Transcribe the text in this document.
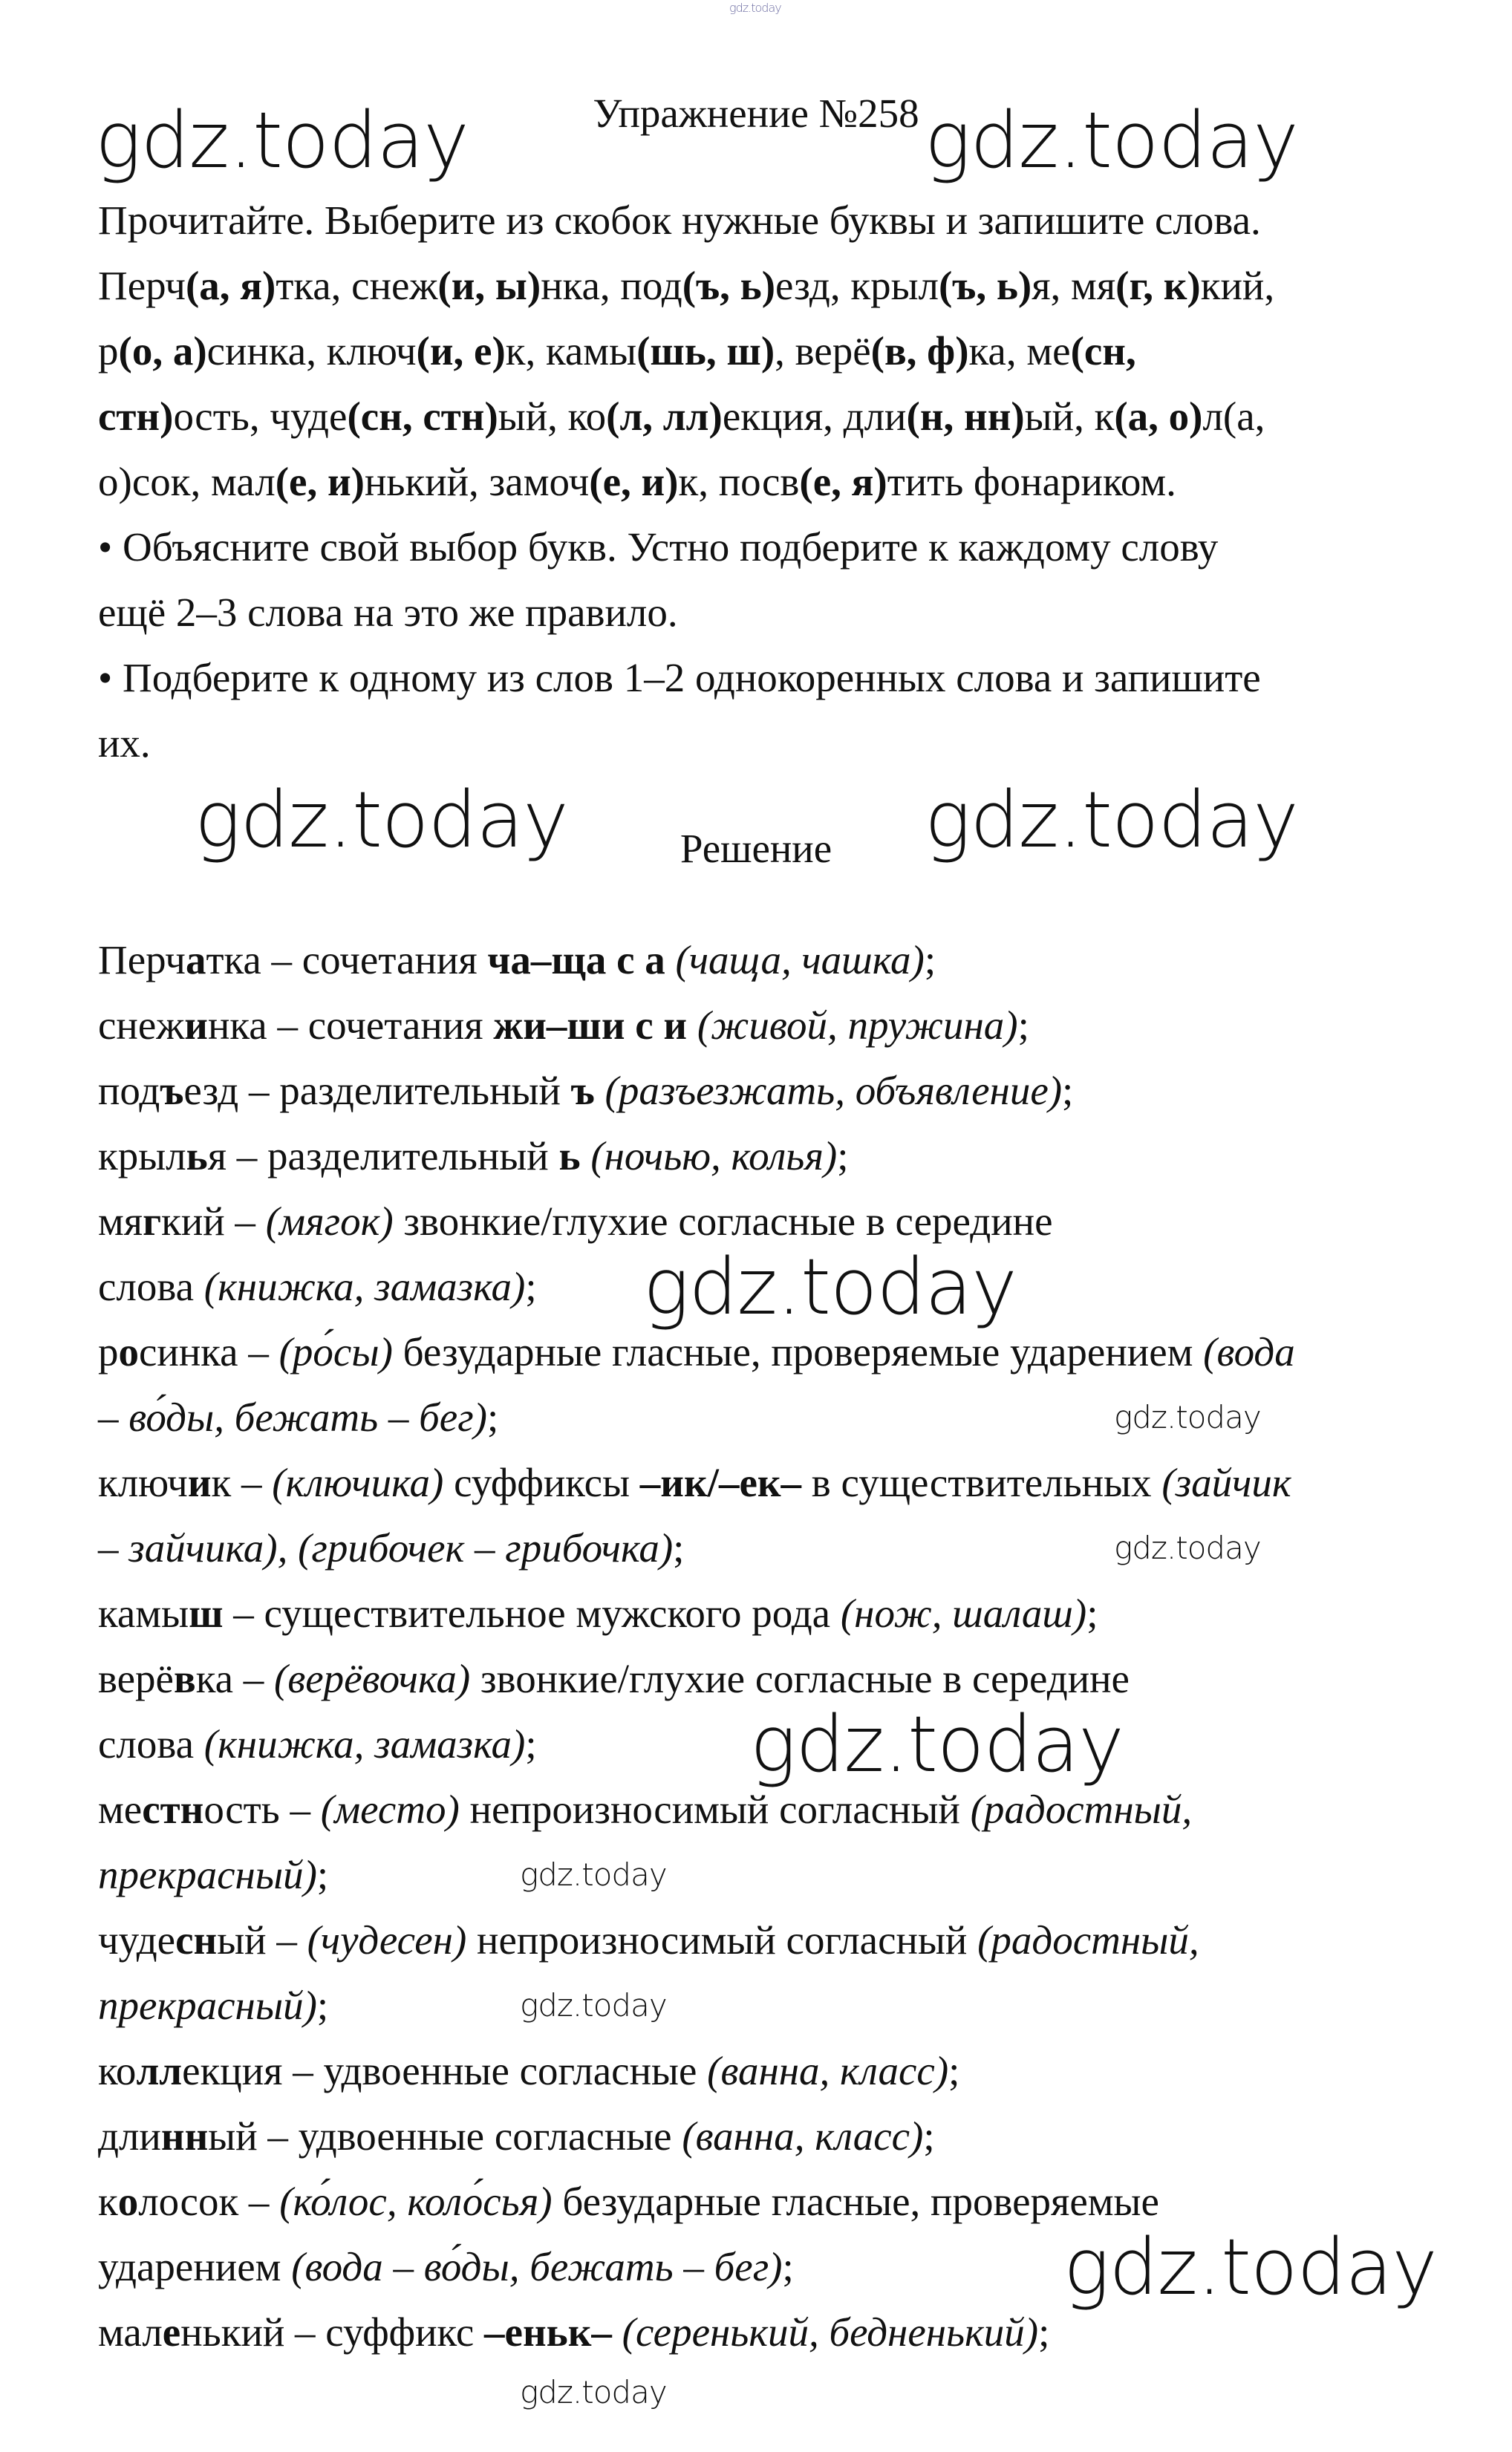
gdz.today
Упражнение №258
Прочитайте. Выберите из скобок нужные буквы и запишите слова.
Перч(а, я)тка, снеж(и, ы)нка, под(ъ, ь)езд, крыл(ъ, ь)я, мя(г, к)кий,
р(о, а)синка, ключ(и, е)к, камы(шь, ш), верё(в, ф)ка, ме(сн,
стн)ость, чуде(сн, стн)ый, ко(л, лл)екция, дли(н, нн)ый, к(а, о)л(а,
о)сок, мал(е, и)нький, замоч(е, и)к, посв(е, я)тить фонариком.
• Объясните свой выбор букв. Устно подберите к каждому слову
ещё 2–3 слова на это же правило.
• Подберите к одному из слов 1–2 однокоренных слова и запишите
их.
Решение
Перчатка – сочетания ча–ща с а (чаща, чашка);
снежинка – сочетания жи–ши с и (живой, пружина);
подъезд – разделительный ъ (разъезжать, объявление);
крылья – разделительный ь (ночью, колья);
мягкий – (мягок) звонкие/глухие согласные в середине
слова (книжка, замазка);
росинка – (ро́сы) безударные гласные, проверяемые ударением (вода
– во́ды, бежать – бег);
ключик – (ключика) суффиксы –ик/–ек– в существительных (зайчик
– зайчика), (грибочек – грибочка);
камыш – существительное мужского рода (нож, шалаш);
верёвка – (верёвочка) звонкие/глухие согласные в середине
слова (книжка, замазка);
местность – (место) непроизносимый согласный (радостный,
прекрасный);
чудесный – (чудесен) непроизносимый согласный (радостный,
прекрасный);
коллекция – удвоенные согласные (ванна, класс);
длинный – удвоенные согласные (ванна, класс);
колосок – (ко́лос, коло́сья) безударные гласные, проверяемые
ударением (вода – во́ды, бежать – бег);
маленький – суффикс –еньк– (серенький, бедненький);
gdz.today	gdz.today
gdz.today	gdz.today
gdz.today
gdz.today
gdz.today
gdz.today
gdz.today
gdz.today
gdz.today
gdz.today
